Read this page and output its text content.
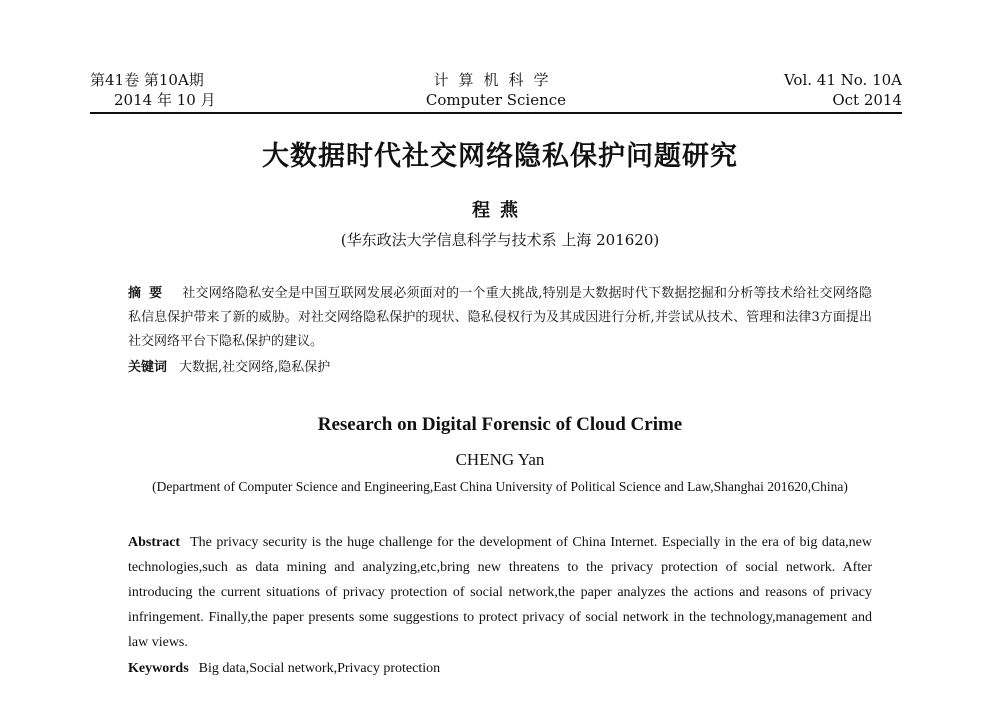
第41卷 第10A期
2014 年 10 月
计算机科学
Computer Science
Vol. 41 No. 10A
Oct 2014
大数据时代社交网络隐私保护问题研究
程燕
(华东政法大学信息科学与技术系 上海 201620)
摘要 社交网络隐私安全是中国互联网发展必须面对的一个重大挑战,特别是大数据时代下数据挖掘和分析等技术给社交网络隐私信息保护带来了新的威胁。对社交网络隐私保护的现状、隐私侵权行为及其成因进行分析,并尝试从技术、管理和法律3方面提出社交网络平台下隐私保护的建议。
关键词 大数据,社交网络,隐私保护
Research on Digital Forensic of Cloud Crime
CHENG Yan
(Department of Computer Science and Engineering,East China University of Political Science and Law,Shanghai 201620,China)
Abstract The privacy security is the huge challenge for the development of China Internet. Especially in the era of big data,new technologies,such as data mining and analyzing,etc,bring new threatens to the privacy protection of social network. After introducing the current situations of privacy protection of social network,the paper analyzes the actions and reasons of privacy infringement. Finally,the paper presents some suggestions to protect privacy of social network in the technology,management and law views.
Keywords Big data,Social network,Privacy protection
